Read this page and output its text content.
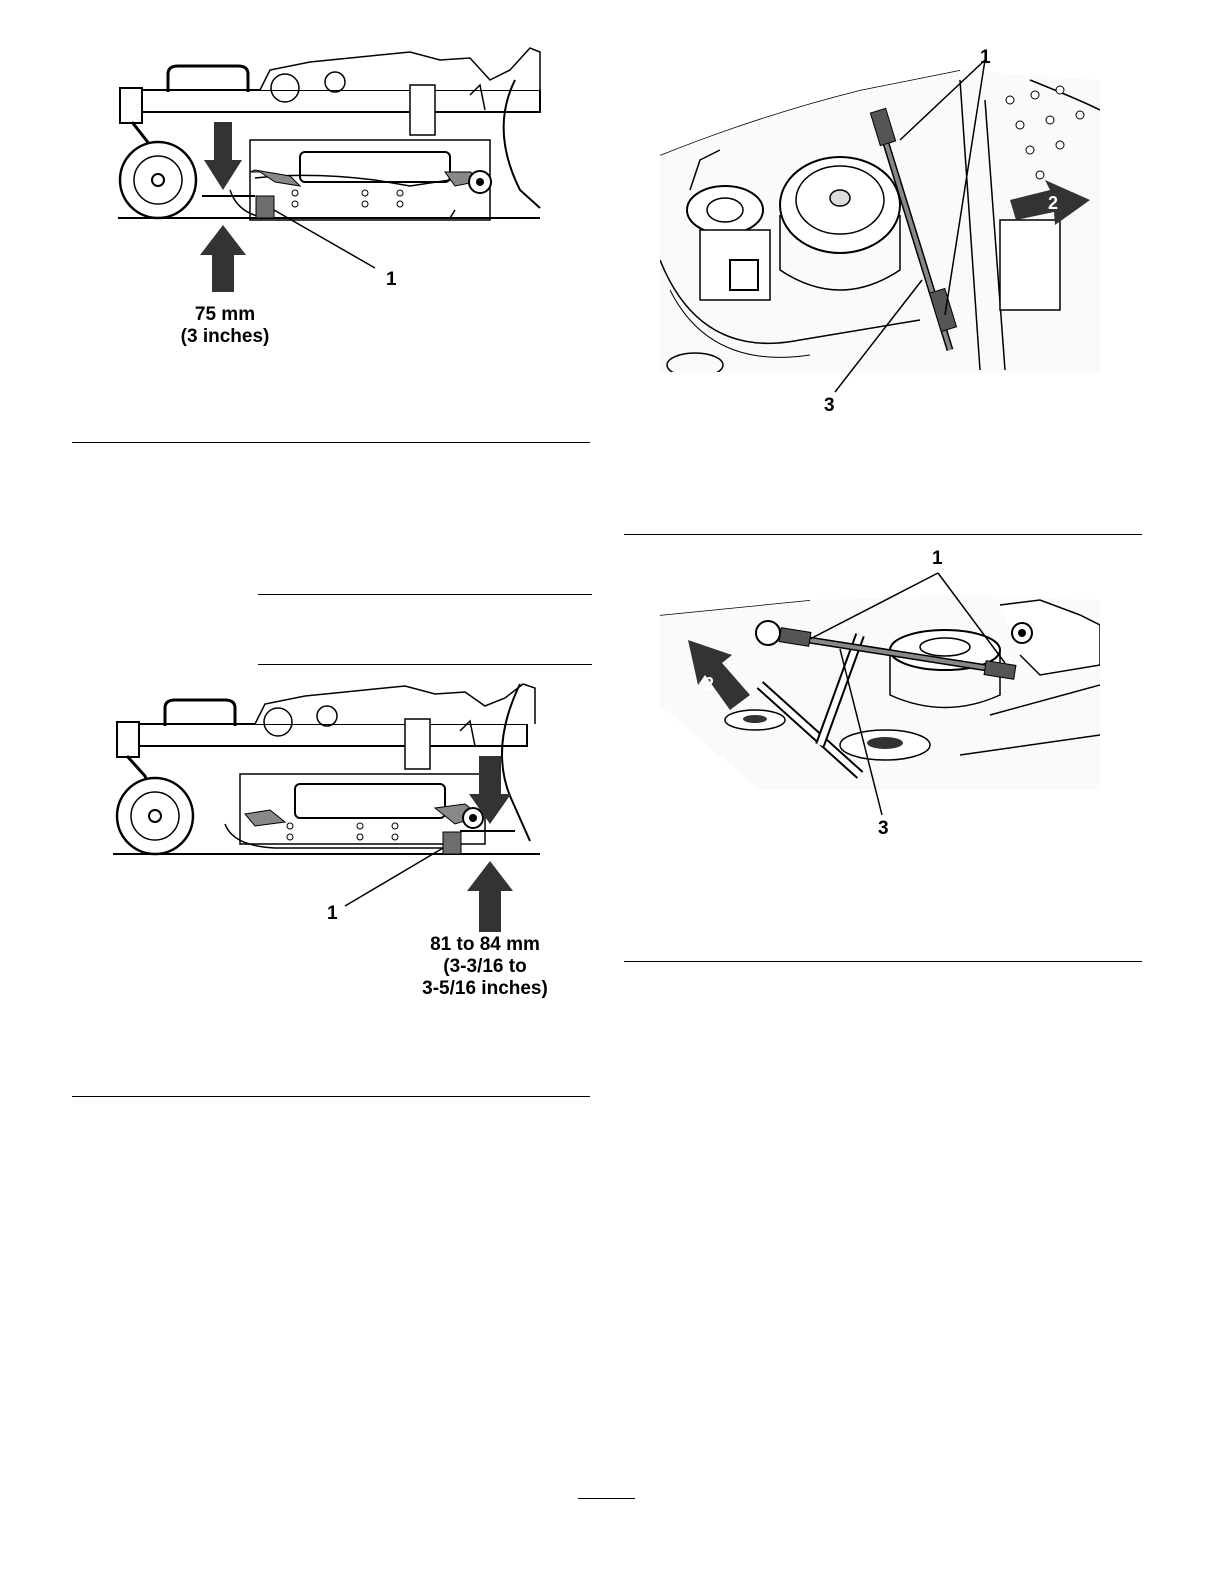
1
75 mm
(3 inches)
1
81 to 84 mm
(3-3/16 to
3-5/16 inches)
2
1
3
2
1
3
